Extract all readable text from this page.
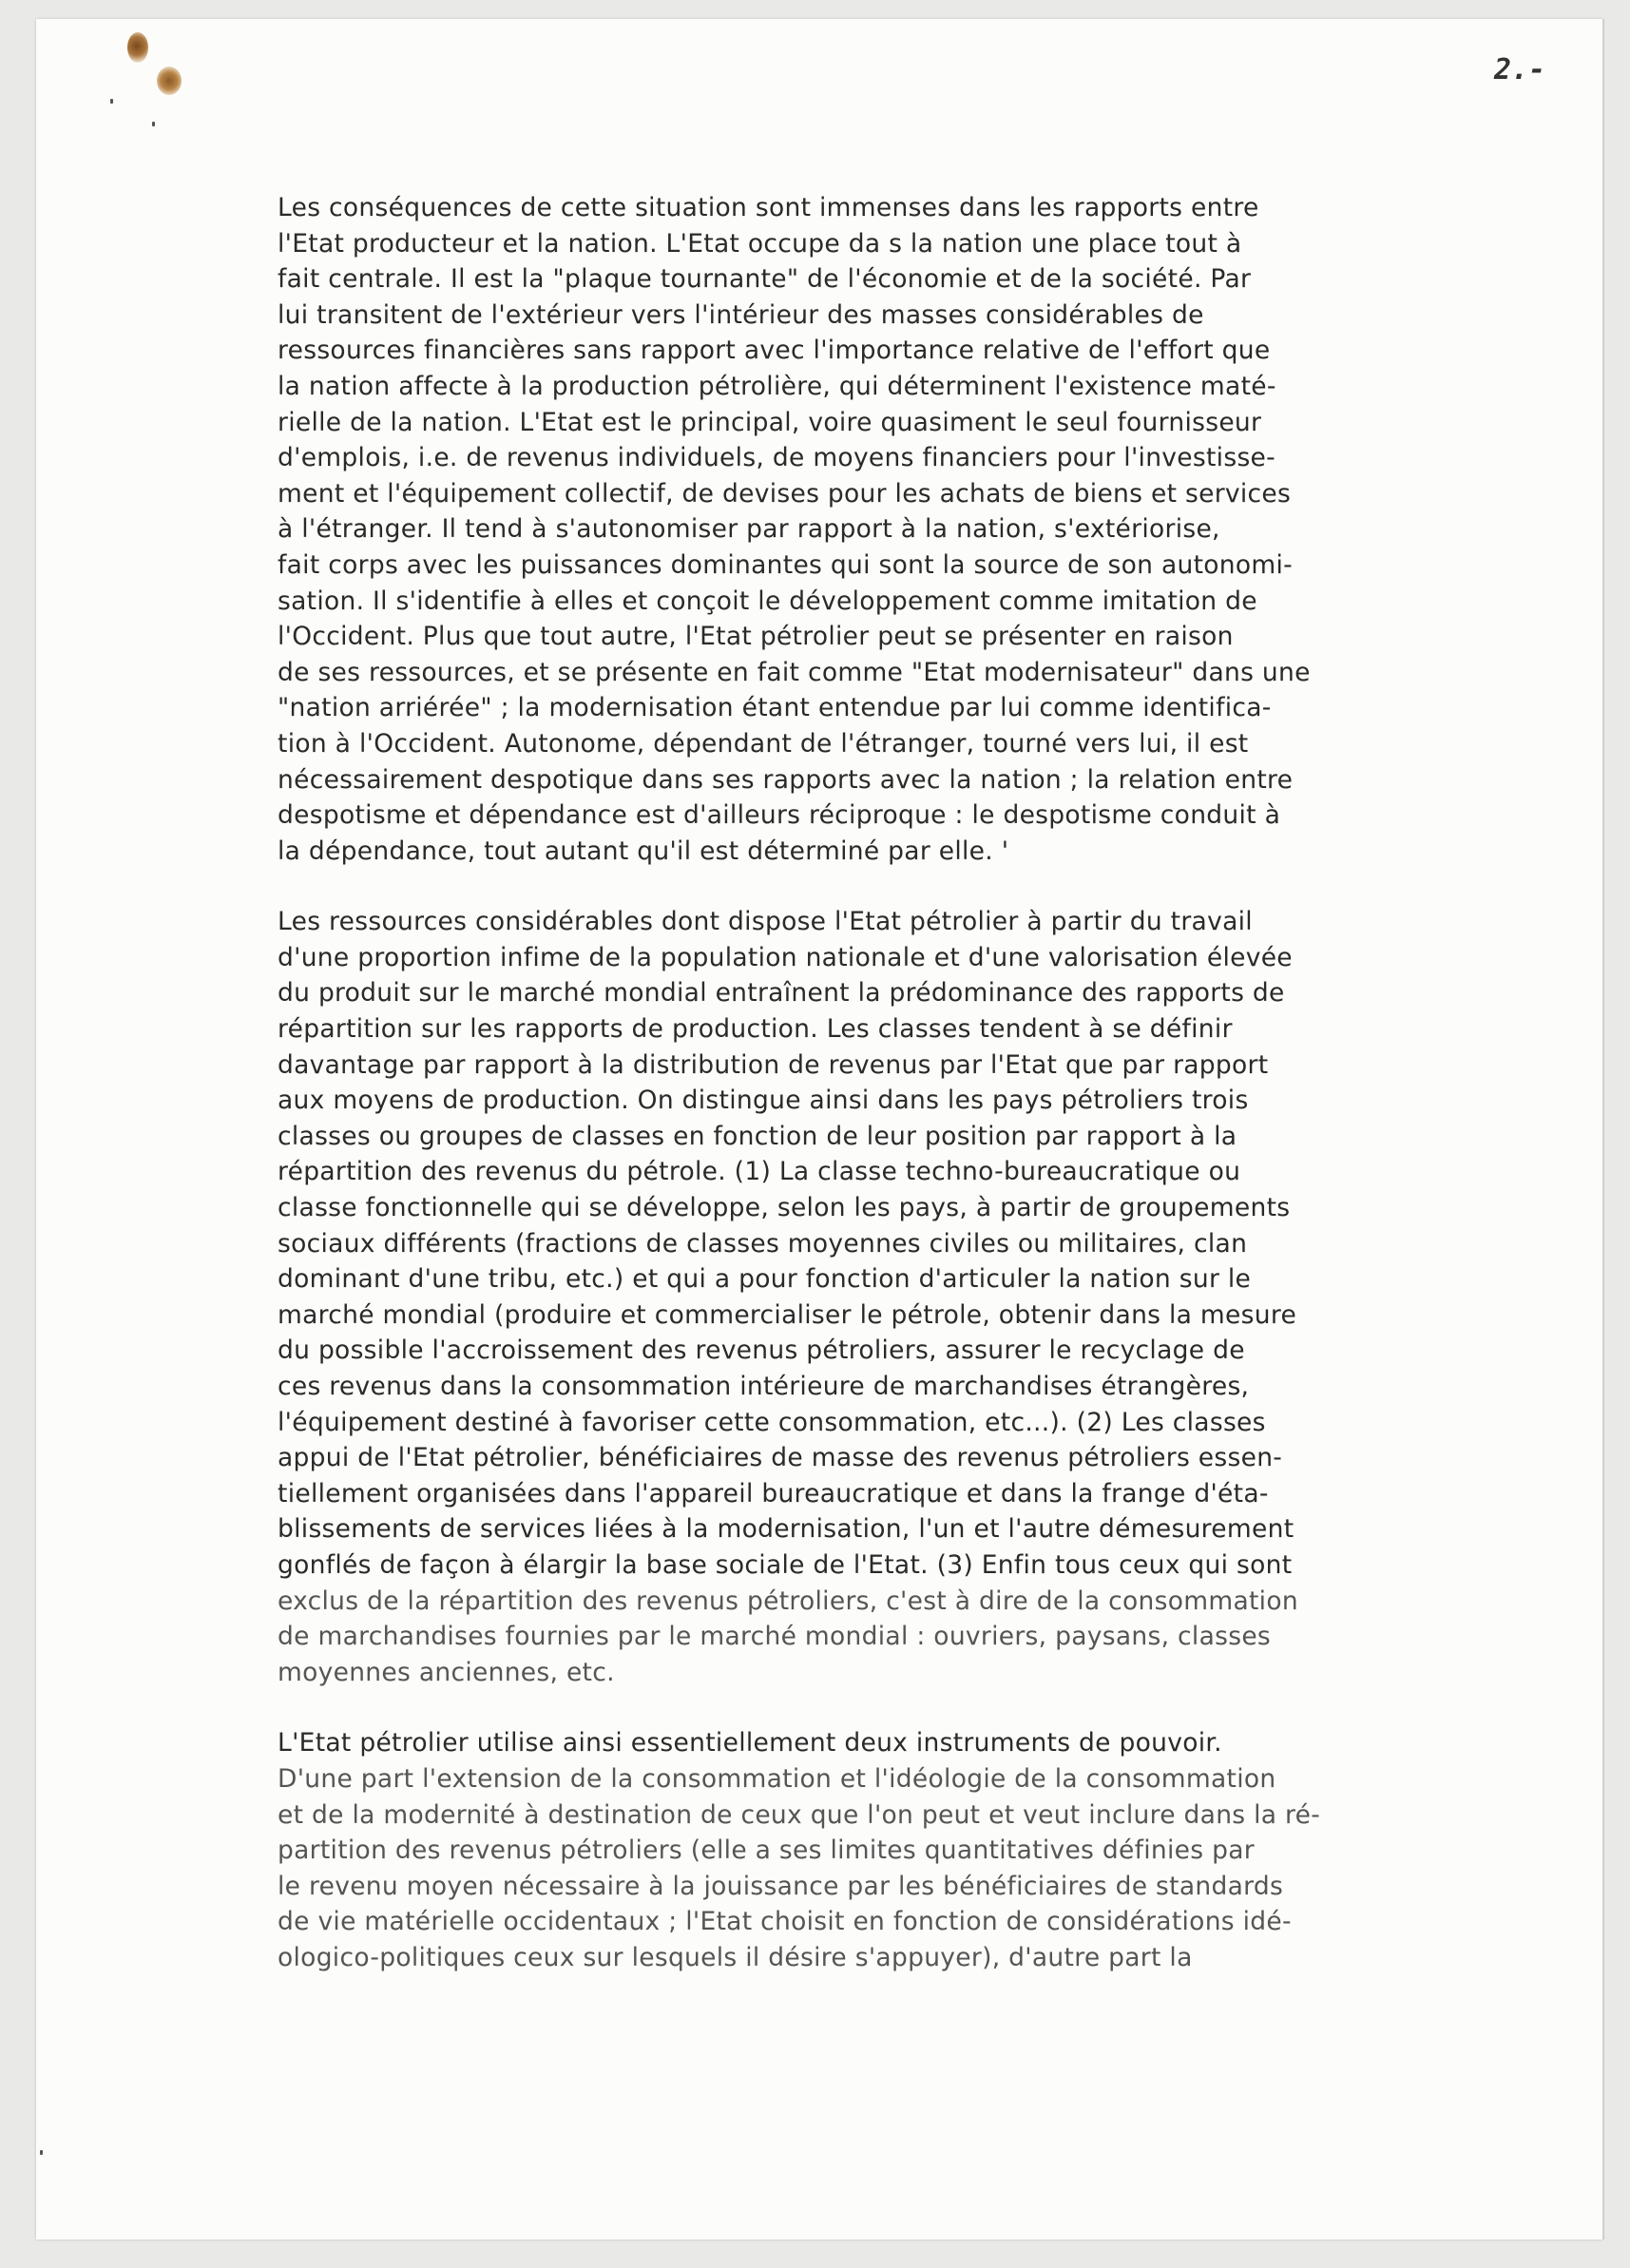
2.-
Les conséquences de cette situation sont immenses dans les rapports entre
l'Etat producteur et la nation. L'Etat occupe da s la nation une place tout à
fait centrale. Il est la "plaque tournante" de l'économie et de la société. Par
lui transitent de l'extérieur vers l'intérieur des masses considérables de
ressources financières sans rapport avec l'importance relative de l'effort que
la nation affecte à la production pétrolière, qui déterminent l'existence maté-
rielle de la nation. L'Etat est le principal, voire quasiment le seul fournisseur
d'emplois, i.e. de revenus individuels, de moyens financiers pour l'investisse-
ment et l'équipement collectif, de devises pour les achats de biens et services
à l'étranger. Il tend à s'autonomiser par rapport à la nation, s'extériorise,
fait corps avec les puissances dominantes qui sont la source de son autonomi-
sation. Il s'identifie à elles et conçoit le développement comme imitation de
l'Occident. Plus que tout autre, l'Etat pétrolier peut se présenter en raison
de ses ressources, et se présente en fait comme "Etat modernisateur" dans une
"nation arriérée" ; la modernisation étant entendue par lui comme identifica-
tion à l'Occident. Autonome, dépendant de l'étranger, tourné vers lui, il est
nécessairement despotique dans ses rapports avec la nation ; la relation entre
despotisme et dépendance est d'ailleurs réciproque : le despotisme conduit à
la dépendance, tout autant qu'il est déterminé par elle. '
Les ressources considérables dont dispose l'Etat pétrolier à partir du travail
d'une proportion infime de la population nationale et d'une valorisation élevée
du produit sur le marché mondial entraînent la prédominance des rapports de
répartition sur les rapports de production. Les classes tendent à se définir
davantage par rapport à la distribution de revenus par l'Etat que par rapport
aux moyens de production. On distingue ainsi dans les pays pétroliers trois
classes ou groupes de classes en fonction de leur position par rapport à la
répartition des revenus du pétrole. (1) La classe techno-bureaucratique ou
classe fonctionnelle qui se développe, selon les pays, à partir de groupements
sociaux différents (fractions de classes moyennes civiles ou militaires, clan
dominant d'une tribu, etc.) et qui a pour fonction d'articuler la nation sur le
marché mondial (produire et commercialiser le pétrole, obtenir dans la mesure
du possible l'accroissement des revenus pétroliers, assurer le recyclage de
ces revenus dans la consommation intérieure de marchandises étrangères,
l'équipement destiné à favoriser cette consommation, etc...). (2) Les classes
appui de l'Etat pétrolier, bénéficiaires de masse des revenus pétroliers essen-
tiellement organisées dans l'appareil bureaucratique et dans la frange d'éta-
blissements de services liées à la modernisation, l'un et l'autre démesurement
gonflés de façon à élargir la base sociale de l'Etat. (3) Enfin tous ceux qui sont
exclus de la répartition des revenus pétroliers, c'est à dire de la consommation
de marchandises fournies par le marché mondial : ouvriers, paysans, classes
moyennes anciennes, etc.
L'Etat pétrolier utilise ainsi essentiellement deux instruments de pouvoir.
D'une part l'extension de la consommation et l'idéologie de la consommation
et de la modernité à destination de ceux que l'on peut et veut inclure dans la ré-
partition des revenus pétroliers (elle a ses limites quantitatives définies par
le revenu moyen nécessaire à la jouissance par les bénéficiaires de standards
de vie matérielle occidentaux ; l'Etat choisit en fonction de considérations idé-
ologico-politiques ceux sur lesquels il désire s'appuyer), d'autre part la
